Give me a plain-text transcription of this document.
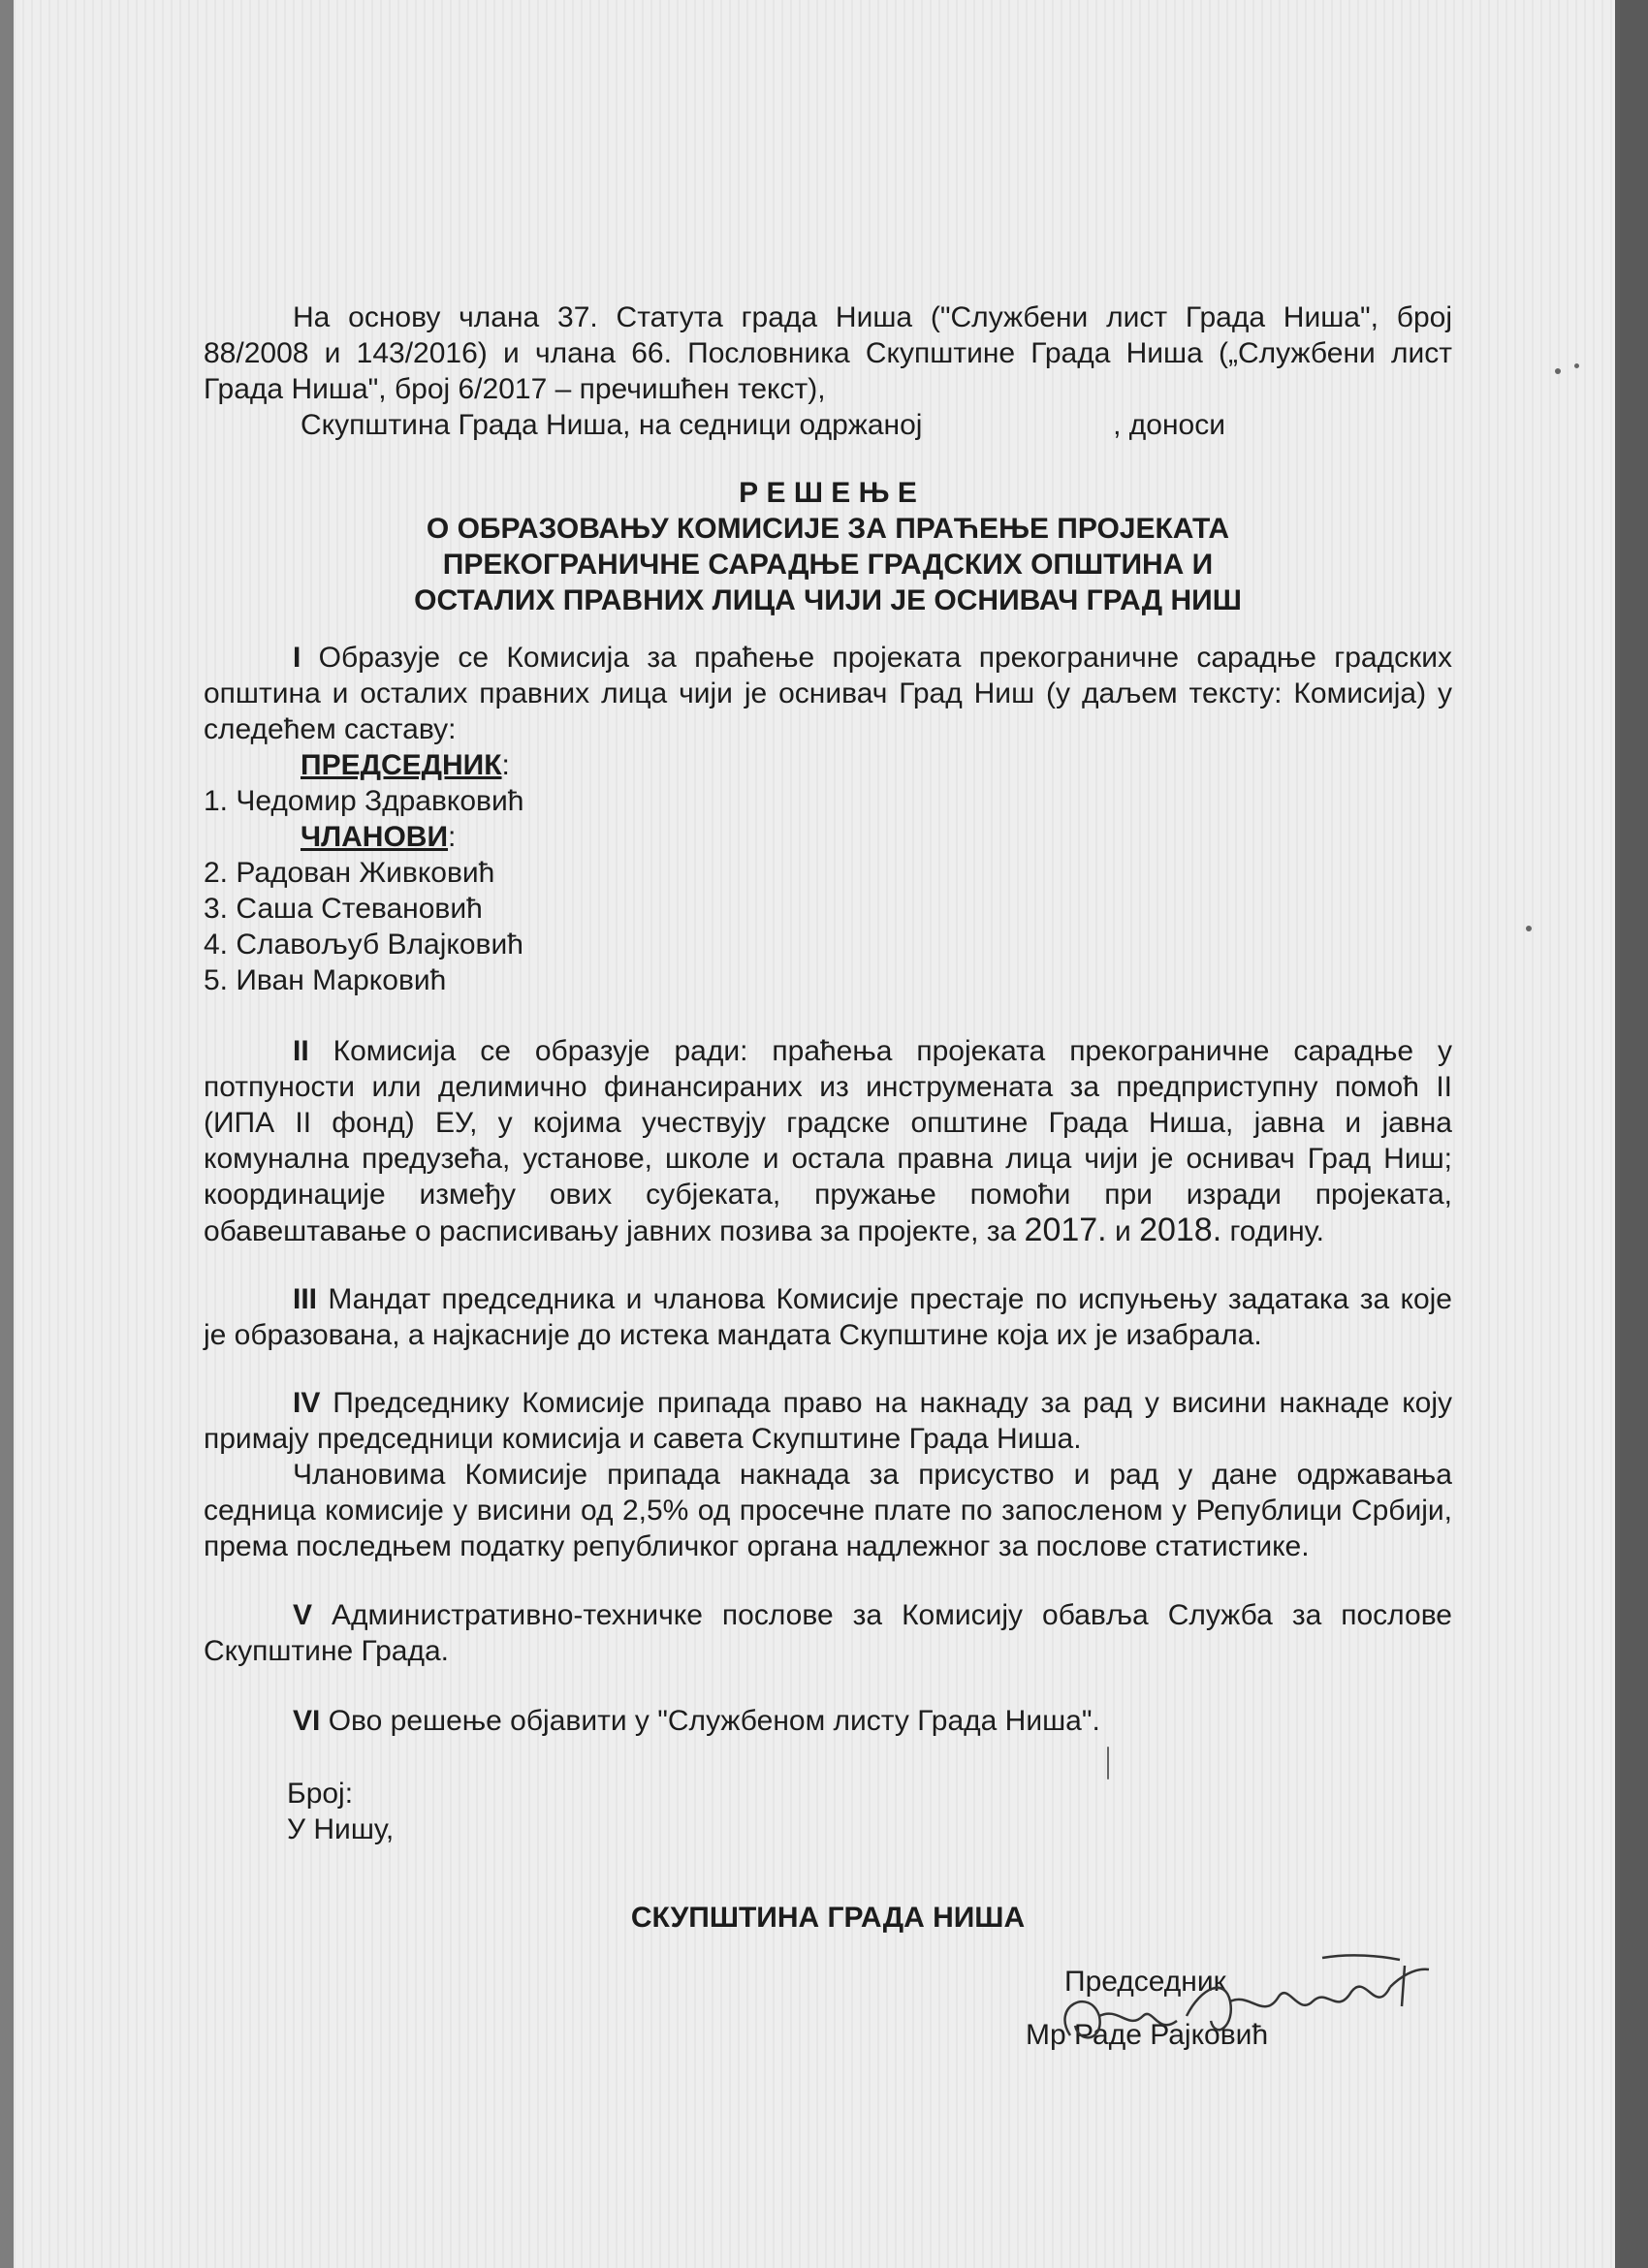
На основу члана 37. Статута града Ниша ("Службени лист Града Ниша", број
88/2008 и 143/2016) и члана 66. Пословника Скупштине Града Ниша („Службени лист
Града Ниша", број 6/2017 – пречишћен текст),
Скупштина Града Ниша, на седници одржаној	, доноси
Р Е Ш Е Њ Е
О ОБРАЗОВАЊУ КОМИСИЈЕ ЗА ПРАЋЕЊЕ ПРОЈЕКАТА
ПРЕКОГРАНИЧНЕ САРАДЊЕ ГРАДСКИХ ОПШТИНА И
ОСТАЛИХ ПРАВНИХ ЛИЦА ЧИЈИ ЈЕ ОСНИВАЧ ГРАД НИШ
I Образује се Комисија за праћење пројеката прекограничне сарадње градских
општина и осталих правних лица чији је оснивач Град Ниш (у даљем тексту: Комисија) у
следећем саставу:
ПРЕДСЕДНИК:
1. Чедомир Здравковић
ЧЛАНОВИ:
2. Радован Живковић
3. Саша Стевановић
4. Славољуб Влајковић
5. Иван Марковић
II Комисија се образује ради: праћења пројеката прекограничне сарадње у
потпуности или делимично финансираних из инструмената за предприступну помоћ II
(ИПА II фонд) ЕУ, у којима учествују градске општине Града Ниша, јавна и јавна
комунална предузећа, установе, школе и остала правна лица чији је оснивач Град Ниш;
координације између ових субјеката, пружање помоћи при изради пројеката,
обавештавање о расписивању јавних позива за пројекте, за 2017. и 2018. годину.
III Мандат председника и чланова Комисије престаје по испуњењу задатака за које
је образована, а најкасније до истека мандата Скупштине која их је изабрала.
IV Председнику Комисије припада право на накнаду за рад у висини накнаде коју
примају председници комисија и савета Скупштине Града Ниша.
Члановима Комисије припада накнада за присуство и рад у дане одржавања
седница комисије у висини од 2,5% од просечне плате по запосленом у Републици Србији,
према последњем податку републичког органа надлежног за послове статистике.
V Административно-техничке послове за Комисију обавља Служба за послове
Скупштине Града.
VI Ово решење објавити у "Службеном листу Града Ниша".
Број:
У Нишу,
СКУПШТИНА ГРАДА НИША
Председник
Мр Раде Рајковић
